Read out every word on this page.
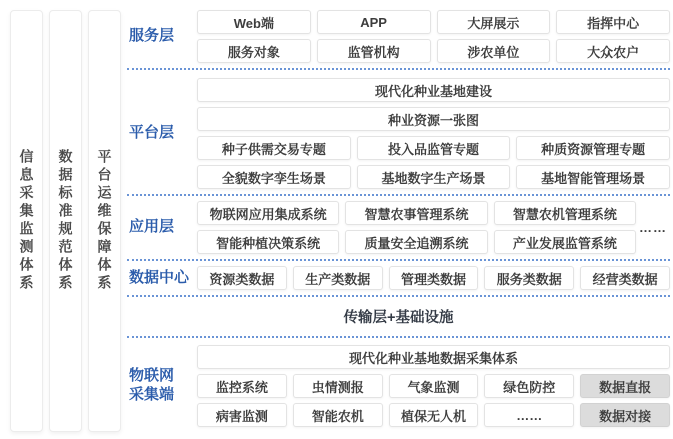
信息采集监测体系 数据标准规范体系 平台运维保障体系
服务层
Web端	APP	大屏展示	指挥中心
服务对象	监管机构	涉农单位	大众农户
平台层
现代化种业基地建设
种业资源一张图
种子供需交易专题	投入品监管专题	种质资源管理专题
全貌数字孪生场景	基地数字生产场景	基地智能管理场景
应用层
物联网应用集成系统	智慧农事管理系统	智慧农机管理系统
智能种植决策系统	质量安全追溯系统	产业发展监管系统
……
数据中心	资源类数据	生产类数据	管理类数据	服务类数据	经营类数据
传输层+基础设施
物联网
采集端
现代化种业基地数据采集体系
监控系统	虫情测报	气象监测	绿色防控	数据直报
病害监测	智能农机	植保无人机	……	数据对接
